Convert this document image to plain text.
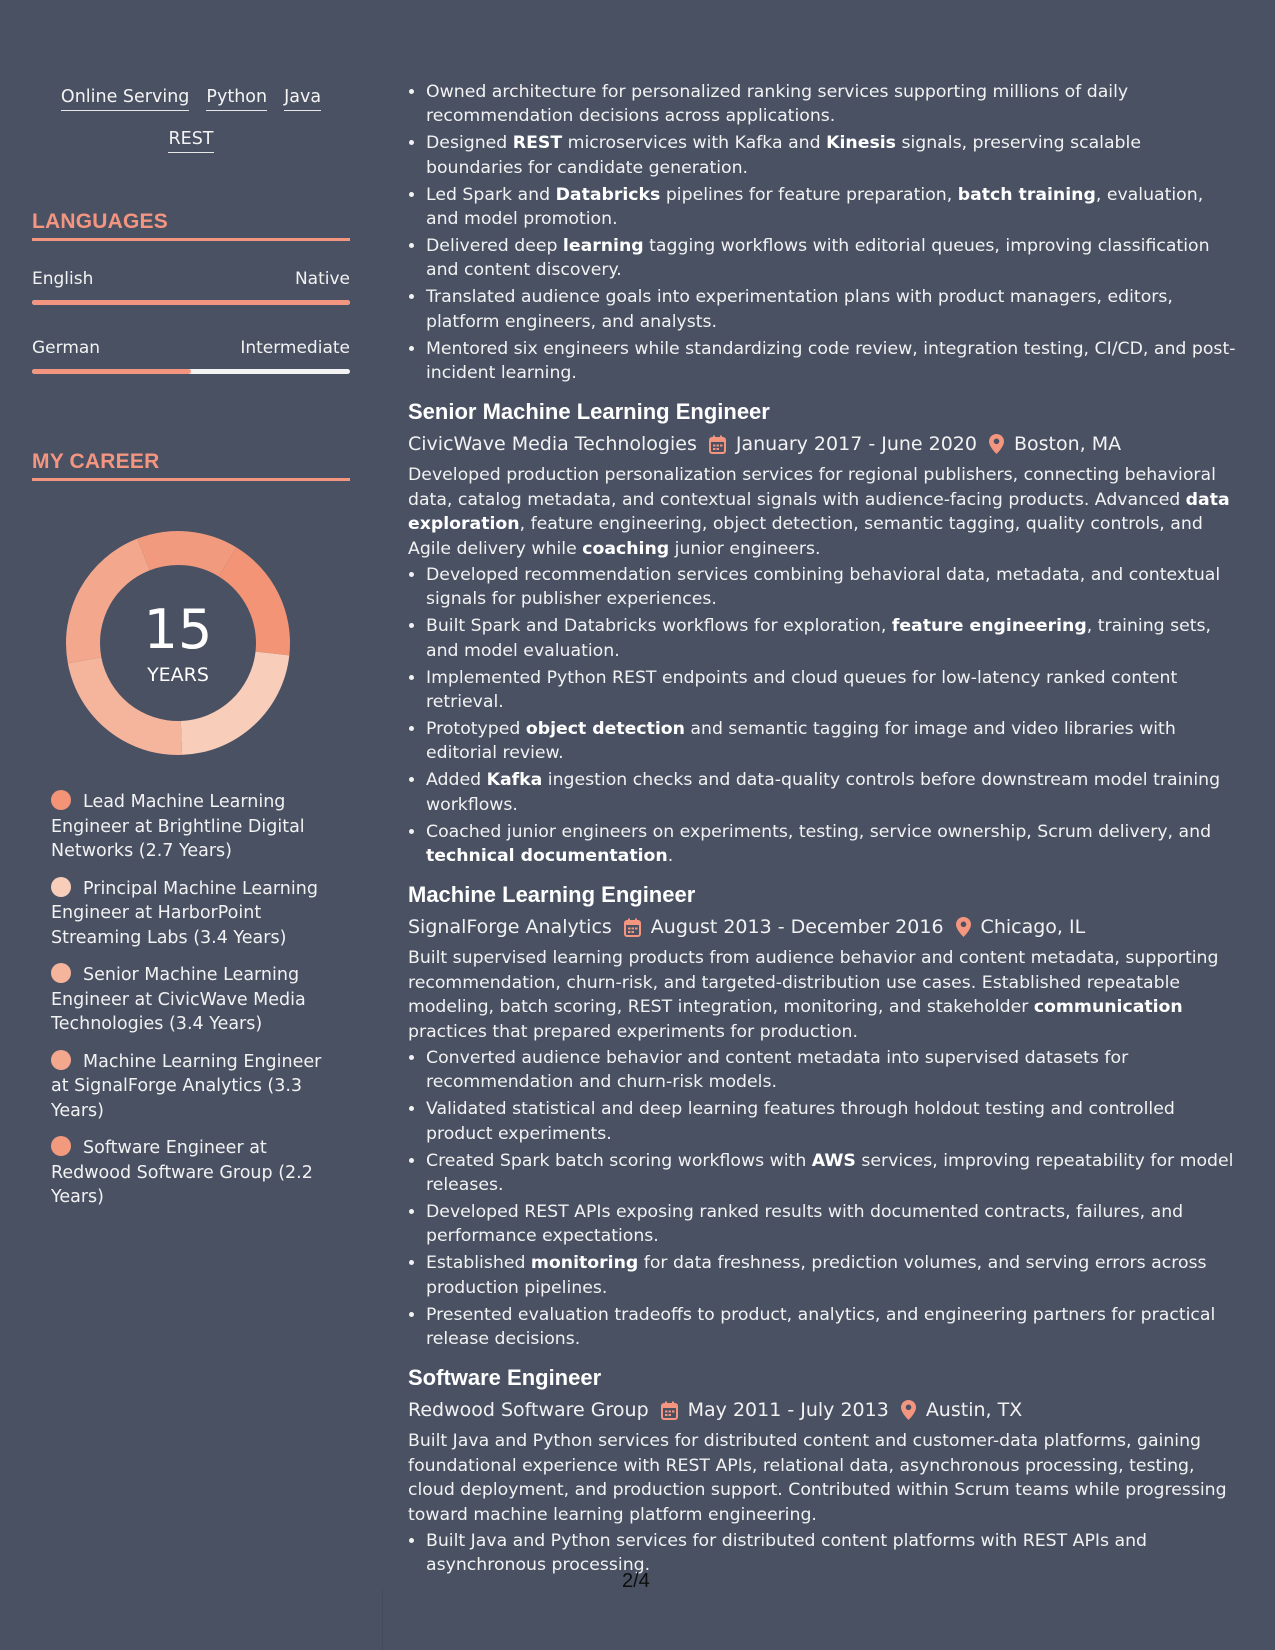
Online Serving Python Java
REST
LANGUAGES
English	Native
German	Intermediate
MY CAREER
15
YEARS
Lead Machine Learning Engineer at Brightline Digital Networks (2.7 Years)
Principal Machine Learning Engineer at HarborPoint Streaming Labs (3.4 Years)
Senior Machine Learning Engineer at CivicWave Media Technologies (3.4 Years)
Machine Learning Engineer at SignalForge Analytics (3.3 Years)
Software Engineer at Redwood Software Group (2.2 Years)
• Owned architecture for personalized ranking services supporting millions of daily recommendation decisions across applications.
• Designed REST microservices with Kafka and Kinesis signals, preserving scalable boundaries for candidate generation.
• Led Spark and Databricks pipelines for feature preparation, batch training, evaluation, and model promotion.
• Delivered deep learning tagging workflows with editorial queues, improving classification and content discovery.
• Translated audience goals into experimentation plans with product managers, editors, platform engineers, and analysts.
• Mentored six engineers while standardizing code review, integration testing, CI/CD, and post-incident learning.
Senior Machine Learning Engineer
CivicWave Media Technologies January 2017 - June 2020 Boston, MA
Developed production personalization services for regional publishers, connecting behavioral data, catalog metadata, and contextual signals with audience-facing products. Advanced data exploration, feature engineering, object detection, semantic tagging, quality controls, and Agile delivery while coaching junior engineers.
• Developed recommendation services combining behavioral data, metadata, and contextual signals for publisher experiences.
• Built Spark and Databricks workflows for exploration, feature engineering, training sets, and model evaluation.
• Implemented Python REST endpoints and cloud queues for low-latency ranked content retrieval.
• Prototyped object detection and semantic tagging for image and video libraries with editorial review.
• Added Kafka ingestion checks and data-quality controls before downstream model training workflows.
• Coached junior engineers on experiments, testing, service ownership, Scrum delivery, and technical documentation.
Machine Learning Engineer
SignalForge Analytics August 2013 - December 2016 Chicago, IL
Built supervised learning products from audience behavior and content metadata, supporting recommendation, churn-risk, and targeted-distribution use cases. Established repeatable modeling, batch scoring, REST integration, monitoring, and stakeholder communication practices that prepared experiments for production.
• Converted audience behavior and content metadata into supervised datasets for recommendation and churn-risk models.
• Validated statistical and deep learning features through holdout testing and controlled product experiments.
• Created Spark batch scoring workflows with AWS services, improving repeatability for model releases.
• Developed REST APIs exposing ranked results with documented contracts, failures, and performance expectations.
• Established monitoring for data freshness, prediction volumes, and serving errors across production pipelines.
• Presented evaluation tradeoffs to product, analytics, and engineering partners for practical release decisions.
Software Engineer
Redwood Software Group May 2011 - July 2013 Austin, TX
Built Java and Python services for distributed content and customer-data platforms, gaining foundational experience with REST APIs, relational data, asynchronous processing, testing, cloud deployment, and production support. Contributed within Scrum teams while progressing toward machine learning platform engineering.
• Built Java and Python services for distributed content platforms with REST APIs and asynchronous processing.
2/4
